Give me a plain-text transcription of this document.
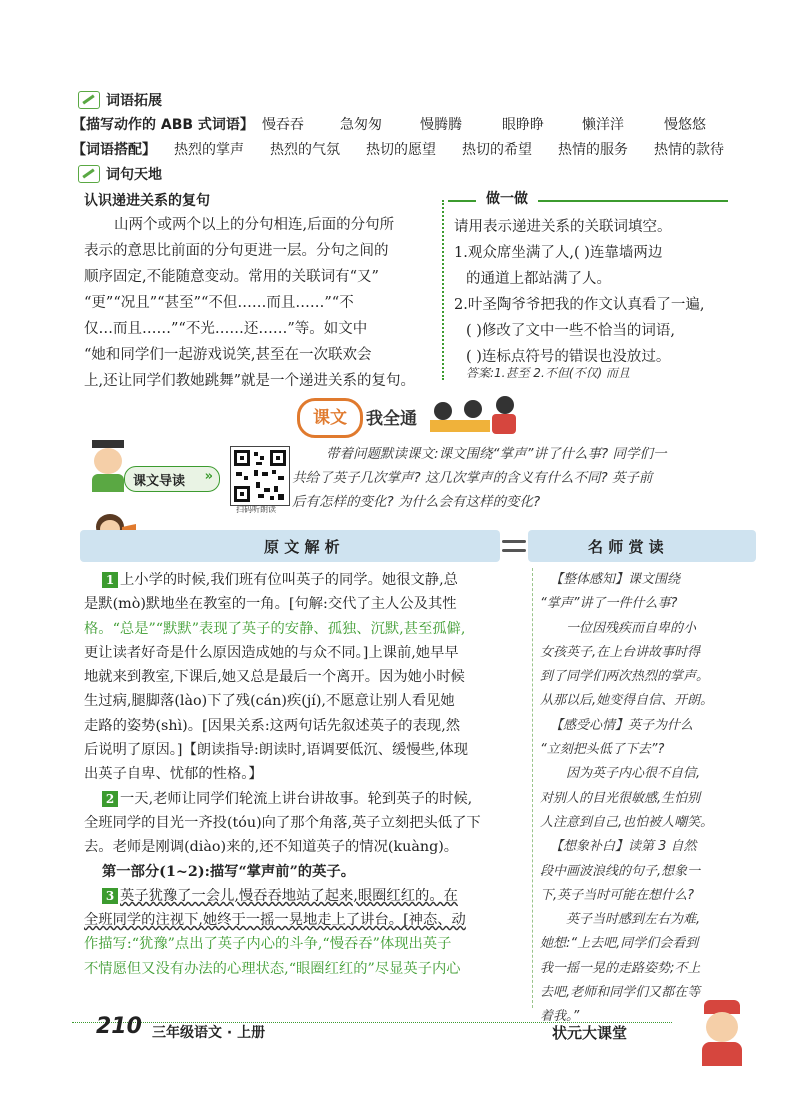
词语拓展
【描写动作的 ABB 式词语】 慢吞吞	急匆匆	慢腾腾	眼睁睁	懒洋洋	慢悠悠
【词语搭配】	热烈的掌声	热烈的气氛	热切的愿望	热切的希望	热情的服务	热情的款待
词句天地
认识递进关系的复句
山两个或两个以上的分句相连,后面的分句所
表示的意思比前面的分句更进一层。分句之间的
顺序固定,不能随意变动。常用的关联词有“又”
“更”“况且”“甚至”“不但……而且……”“不
仅…而且……”“不光……还……”等。如文中
“她和同学们一起游戏说笑,甚至在一次联欢会
上,还让同学们教她跳舞”就是一个递进关系的复句。
做一做
请用表示递进关系的关联词填空。
1.观众席坐满了人,( )连靠墙两边
的通道上都站满了人。
2.叶圣陶爷爷把我的作文认真看了一遍,
( )修改了文中一些不恰当的词语,
( )连标点符号的错误也没放过。
答案:1.甚至 2.不但(不仅) 而且
课文	我全通
课文导读 »
扫码听朗读
带着问题默读课文:课文围绕“掌声”讲了什么事? 同学们一
共给了英子几次掌声? 这几次掌声的含义有什么不同? 英子前
后有怎样的变化? 为什么会有这样的变化?
原 文 解 析	名 师 赏 读
1 上小学的时候,我们班有位叫英子的同学。她很文静,总
是默(mò)默地坐在教室的一角。[句解:交代了主人公及其性
格。“总是”“默默”表现了英子的安静、孤独、沉默,甚至孤僻,
更让读者好奇是什么原因造成她的与众不同。]上课前,她早早
地就来到教室,下课后,她又总是最后一个离开。因为她小时候
生过病,腿脚落(lào)下了残(cán)疾(jí),不愿意让别人看见她
走路的姿势(shì)。[因果关系:这两句话先叙述英子的表现,然
后说明了原因。]【朗读指导:朗读时,语调要低沉、缓慢些,体现
出英子自卑、忧郁的性格。】
2 一天,老师让同学们轮流上讲台讲故事。轮到英子的时候,
全班同学的目光一齐投(tóu)向了那个角落,英子立刻把头低了下
去。老师是刚调(diào)来的,还不知道英子的情况(kuàng)。
第一部分(1~2):描写“掌声前”的英子。
3 英子犹豫了一会儿,慢吞吞地站了起来,眼圈红红的。在
全班同学的注视下,她终于一摇一晃地走上了讲台。[神态、动
作描写:“犹豫”点出了英子内心的斗争,“慢吞吞”体现出英子
不情愿但又没有办法的心理状态,“眼圈红红的”尽显英子内心
【整体感知】课文围绕
“掌声”讲了一件什么事?
一位因残疾而自卑的小
女孩英子,在上台讲故事时得
到了同学们两次热烈的掌声。
从那以后,她变得自信、开朗。
【感受心情】英子为什么
“立刻把头低了下去”?
因为英子内心很不自信,
对别人的目光很敏感,生怕别
人注意到自己,也怕被人嘲笑。
【想象补白】读第 3 自然
段中画波浪线的句子,想象一
下,英子当时可能在想什么?
英子当时感到左右为难,
她想:“上去吧,同学们会看到
我一摇一晃的走路姿势;不上
去吧,老师和同学们又都在等
着我。”
210 三年级语文 · 上册	状元大课堂
